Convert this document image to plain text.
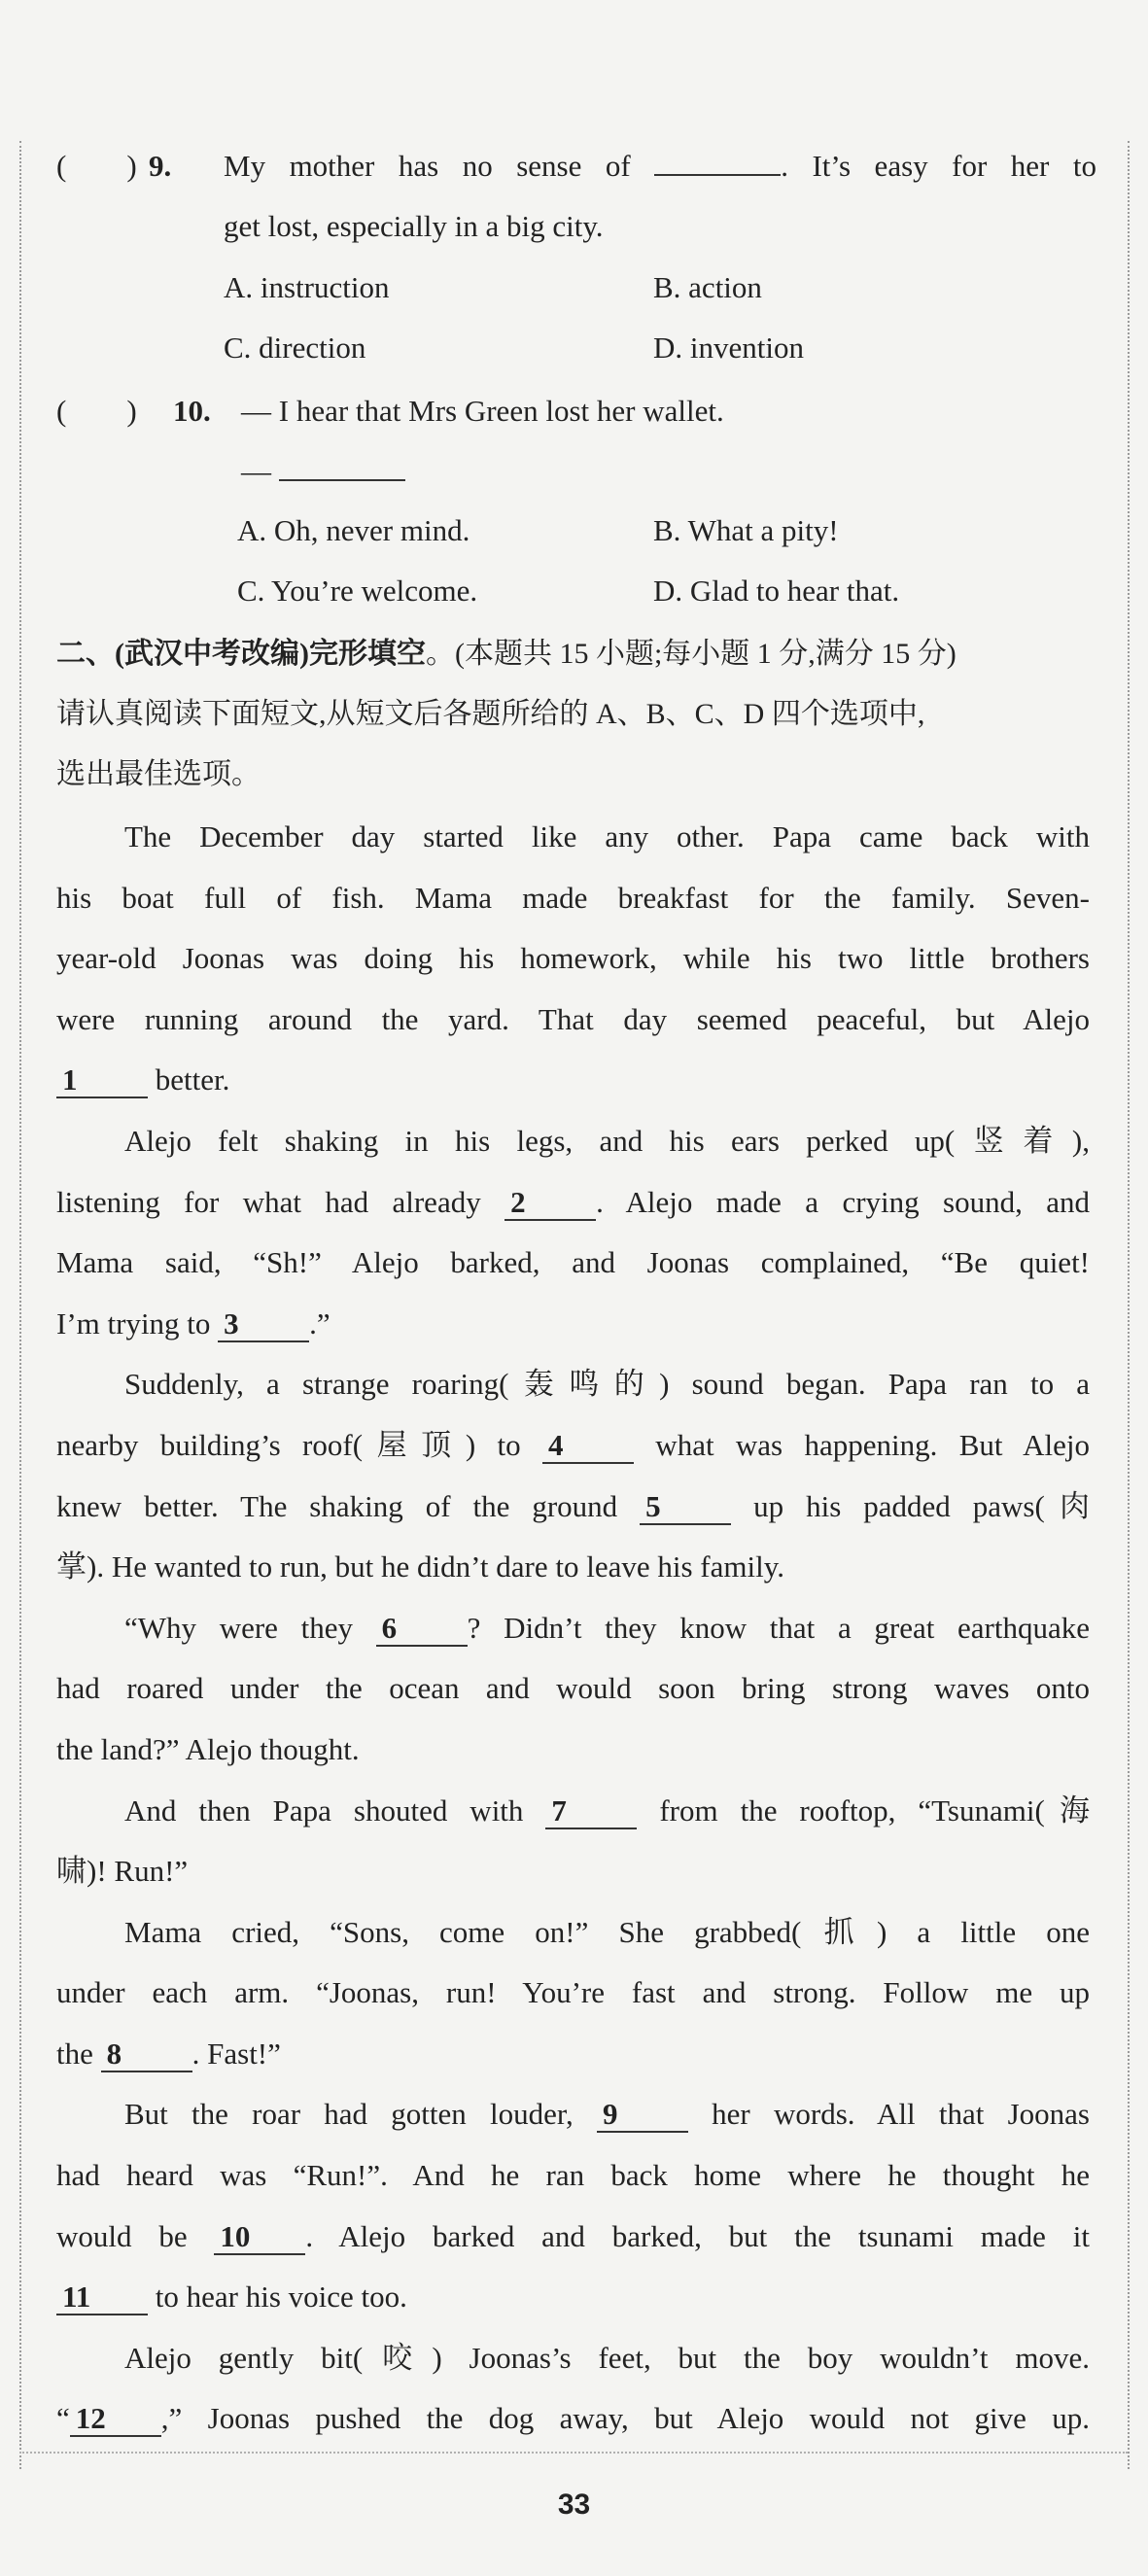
(　　) 9. My mother has no sense of	. It’s easy for her to
get lost, especially in a big city.
A. instruction	B. action
C. direction	D. invention
(　　) 10. — I hear that Mrs Green lost her wallet.
—
A. Oh, never mind.	B. What a pity!
C. You’re welcome.	D. Glad to hear that.
二、(武汉中考改编)完形填空。(本题共 15 小题;每小题 1 分,满分 15 分)
请认真阅读下面短文,从短文后各题所给的 A、B、C、D 四个选项中,
选出最佳选项。
The December day started like any other. Papa came back with
his boat full of fish. Mama made breakfast for the family. Seven-
year-old Joonas was doing his homework, while his two little brothers
were running around the yard. That day seemed peaceful, but Alejo
1 better.
Alejo felt shaking in his legs, and his ears perked up(竖着),
listening for what had already 2 . Alejo made a crying sound, and
Mama said, “Sh!” Alejo barked, and Joonas complained, “Be quiet!
I’m trying to 3 .”
Suddenly, a strange roaring(轰鸣的) sound began. Papa ran to a
nearby building’s roof(屋顶) to 4 what was happening. But Alejo
knew better. The shaking of the ground 5 up his padded paws(肉
掌). He wanted to run, but he didn’t dare to leave his family.
“Why were they 6 ? Didn’t they know that a great earthquake
had roared under the ocean and would soon bring strong waves onto
the land?” Alejo thought.
And then Papa shouted with 7 from the rooftop, “Tsunami(海
啸)! Run!”
Mama cried, “Sons, come on!” She grabbed(抓) a little one
under each arm. “Joonas, run! You’re fast and strong. Follow me up
the 8 . Fast!”
But the roar had gotten louder, 9 her words. All that Joonas
had heard was “Run!”. And he ran back home where he thought he
would be 10 . Alejo barked and barked, but the tsunami made it
11 to hear his voice too.
Alejo gently bit(咬) Joonas’s feet, but the boy wouldn’t move.
“ 12 ,” Joonas pushed the dog away, but Alejo would not give up.
33
